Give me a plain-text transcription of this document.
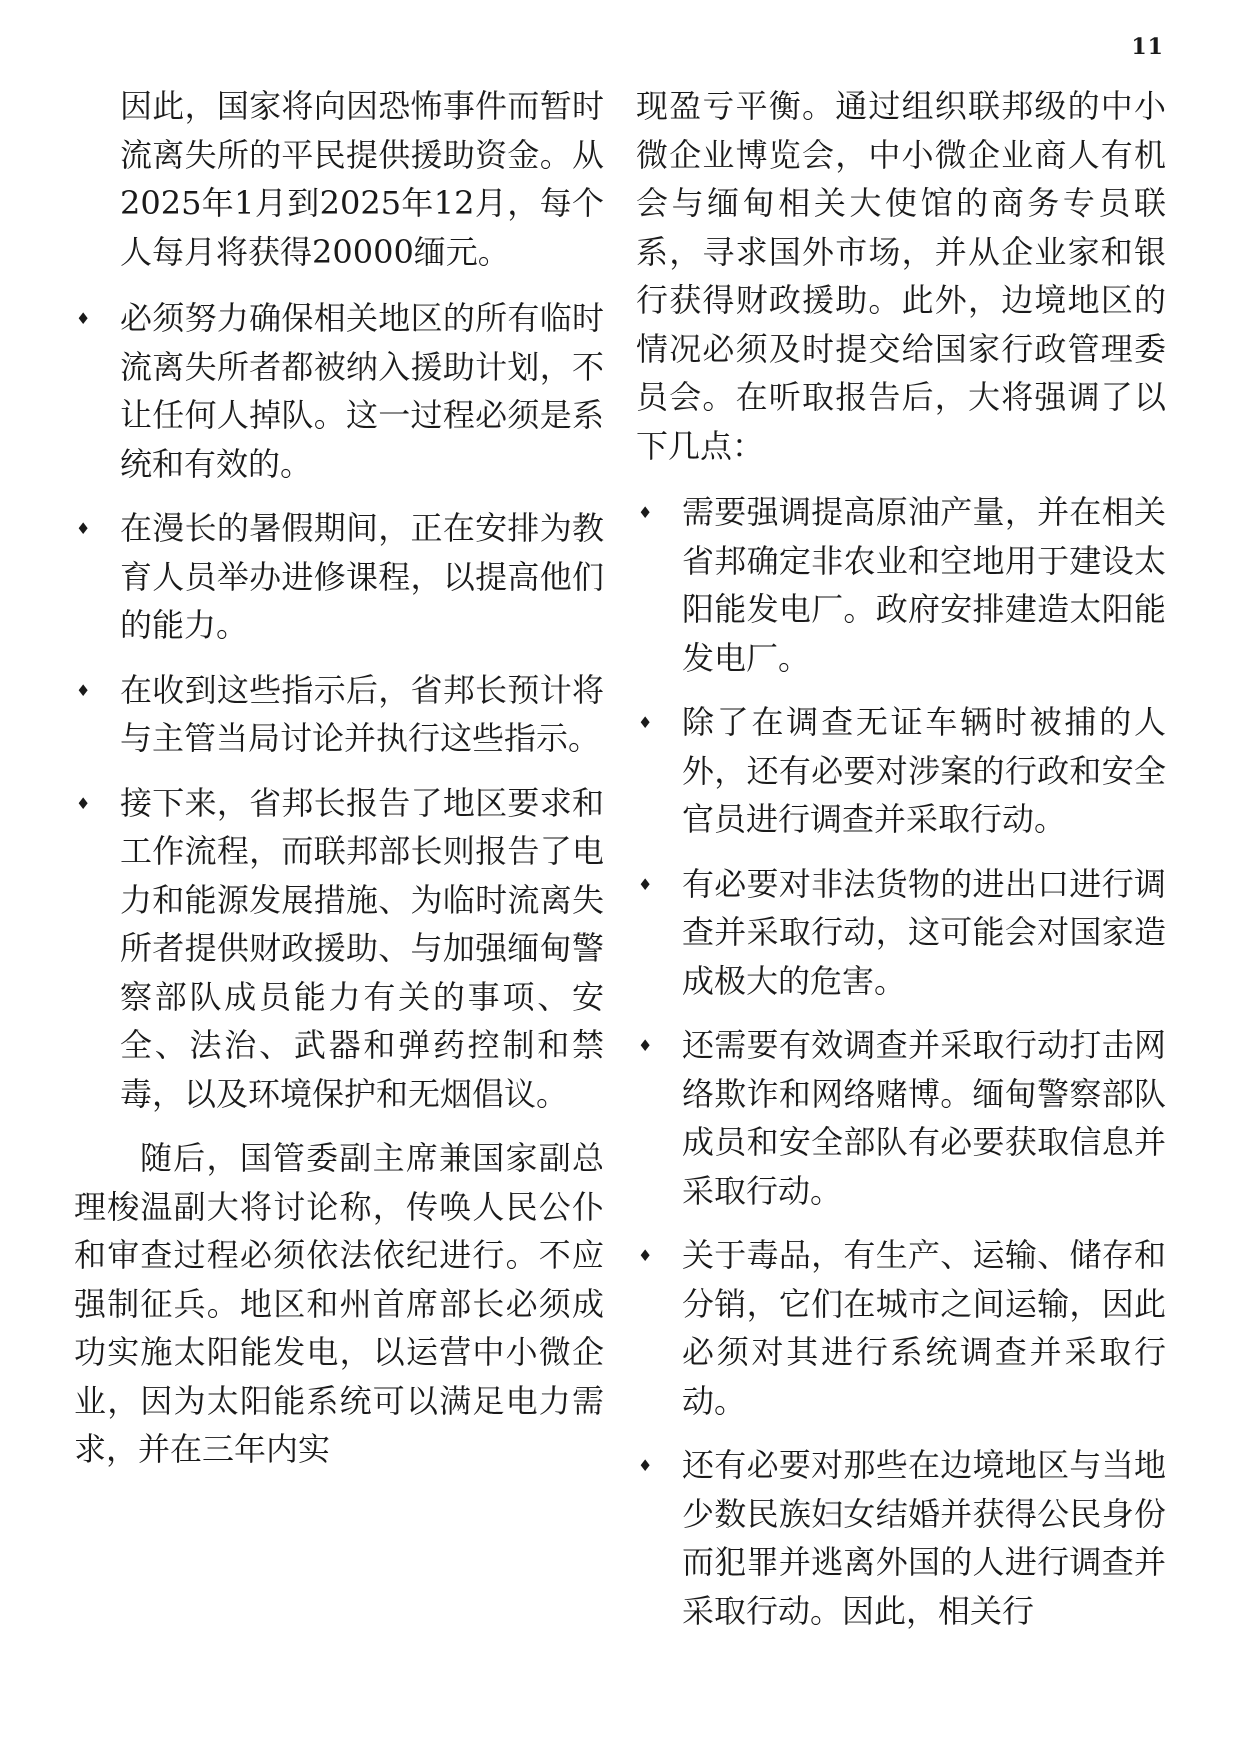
11

因此，国家将向因恐怖事件而暂时流离失所的平民提供援助资金。从2025年1月到2025年12月，每个人每月将获得20000缅元。

♦ 必须努力确保相关地区的所有临时流离失所者都被纳入援助计划，不让任何人掉队。这一过程必须是系统和有效的。
♦ 在漫长的暑假期间，正在安排为教育人员举办进修课程，以提高他们的能力。
♦ 在收到这些指示后，省邦长预计将与主管当局讨论并执行这些指示。
♦ 接下来，省邦长报告了地区要求和工作流程，而联邦部长则报告了电力和能源发展措施、为临时流离失所者提供财政援助、与加强缅甸警察部队成员能力有关的事项、安全、法治、武器和弹药控制和禁毒，以及环境保护和无烟倡议。

随后，国管委副主席兼国家副总理梭温副大将讨论称，传唤人民公仆和审查过程必须依法依纪进行。不应强制征兵。地区和州首席部长必须成功实施太阳能发电，以运营中小微企业，因为太阳能系统可以满足电力需求，并在三年内实

现盈亏平衡。通过组织联邦级的中小微企业博览会，中小微企业商人有机会与缅甸相关大使馆的商务专员联系，寻求国外市场，并从企业家和银行获得财政援助。此外，边境地区的情况必须及时提交给国家行政管理委员会。在听取报告后，大将强调了以下几点：

♦ 需要强调提高原油产量，并在相关省邦确定非农业和空地用于建设太阳能发电厂。政府安排建造太阳能发电厂。
♦ 除了在调查无证车辆时被捕的人外，还有必要对涉案的行政和安全官员进行调查并采取行动。
♦ 有必要对非法货物的进出口进行调查并采取行动，这可能会对国家造成极大的危害。
♦ 还需要有效调查并采取行动打击网络欺诈和网络赌博。缅甸警察部队成员和安全部队有必要获取信息并采取行动。
♦ 关于毒品，有生产、运输、储存和分销，它们在城市之间运输，因此必须对其进行系统调查并采取行动。
♦ 还有必要对那些在边境地区与当地少数民族妇女结婚并获得公民身份而犯罪并逃离外国的人进行调查并采取行动。因此，相关行
